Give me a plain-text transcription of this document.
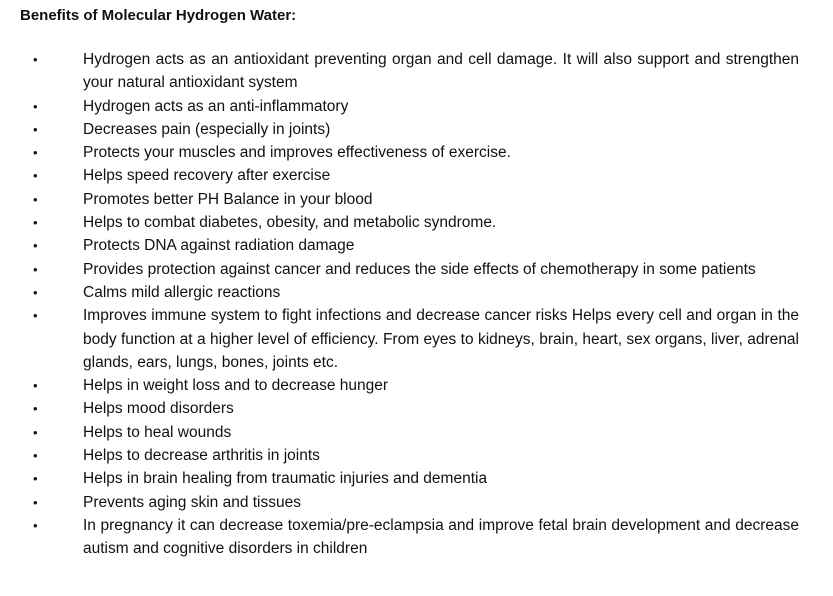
Benefits of Molecular Hydrogen Water:
•	Hydrogen acts as an antioxidant preventing organ and cell damage. It will also support and strengthen your natural antioxidant system
•	Hydrogen acts as an anti-inflammatory
•	Decreases pain (especially in joints)
•	Protects your muscles and improves effectiveness of exercise.
•	Helps speed recovery after exercise
•	Promotes better PH Balance in your blood
•	Helps to combat diabetes, obesity, and metabolic syndrome.
•	Protects DNA against radiation damage
•	Provides protection against cancer and reduces the side effects of chemotherapy in some patients
•	Calms mild allergic reactions
•	Improves immune system to fight infections and decrease cancer risks Helps every cell and organ in the body function at a higher level of efficiency. From eyes to kidneys, brain, heart, sex organs, liver, adrenal glands, ears, lungs, bones, joints etc.
•	Helps in weight loss and to decrease hunger
•	Helps mood disorders
•	Helps to heal wounds
•	Helps to decrease arthritis in joints
•	Helps in brain healing from traumatic injuries and dementia
•	Prevents aging skin and tissues
•	In pregnancy it can decrease toxemia/pre-eclampsia and improve fetal brain development and decrease autism and cognitive disorders in children
